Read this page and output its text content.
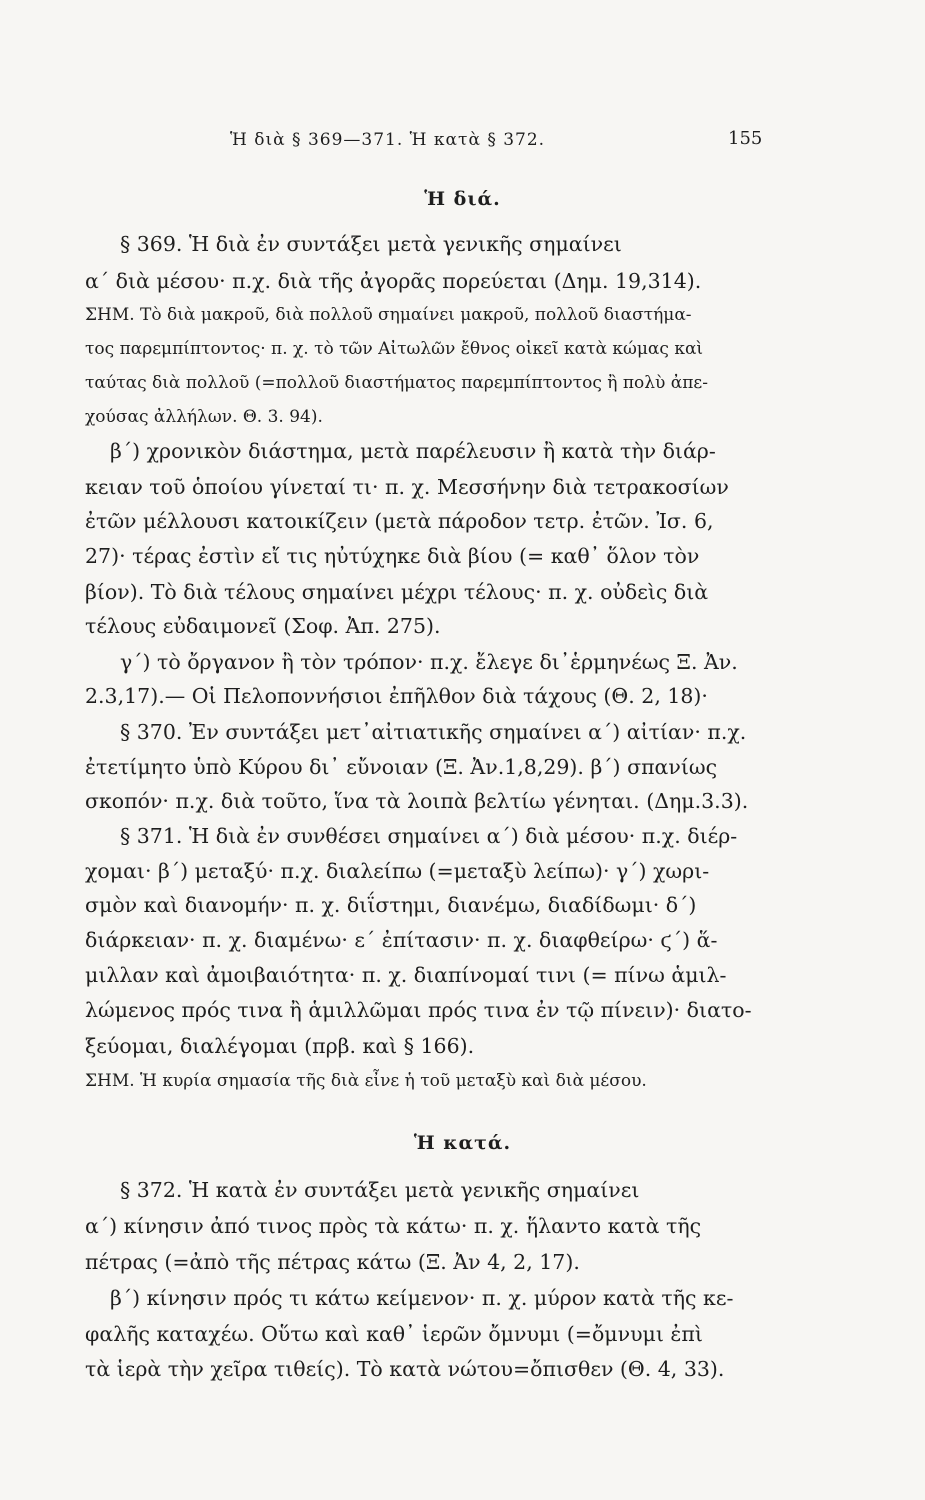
Ἡ διὰ § 369—371. Ἡ κατὰ § 372.	155
Ἡ διά.
§ 369. Ἡ διὰ ἐν συντάξει μετὰ γενικῆς σημαίνει
α΄ διὰ μέσου· π.χ. διὰ τῆς ἀγορᾶς πορεύεται (Δημ. 19,314).
ΣΗΜ. Τὸ διὰ μακροῦ, διὰ πολλοῦ σημαίνει μακροῦ, πολλοῦ διαστήμα-
τος παρεμπίπτοντος· π. χ. τὸ τῶν Αἰτωλῶν ἔθνος οἰκεῖ κατὰ κώμας καὶ
ταύτας διὰ πολλοῦ (=πολλοῦ διαστήματος παρεμπίπτοντος ἢ πολὺ ἀπε-
χούσας ἀλλήλων. Θ. 3. 94).
β΄) χρονικὸν διάστημα, μετὰ παρέλευσιν ἢ κατὰ τὴν διάρ-
κειαν τοῦ ὁποίου γίνεταί τι· π. χ. Μεσσήνην διὰ τετρακοσίων
ἐτῶν μέλλουσι κατοικίζειν (μετὰ πάροδον τετρ. ἐτῶν. Ἰσ. 6,
27)· τέρας ἐστὶν εἴ τις ηὐτύχηκε διὰ βίου (= καθ᾽ ὅλον τὸν
βίον). Τὸ διὰ τέλους σημαίνει μέχρι τέλους· π. χ. οὐδεὶς διὰ
τέλους εὐδαιμονεῖ (Σοφ. Ἀπ. 275).
γ΄) τὸ ὄργανον ἢ τὸν τρόπον· π.χ. ἔλεγε δι᾽ἑρμηνέως Ξ. Ἀν.
2.3,17).— Οἱ Πελοποννήσιοι ἐπῆλθον διὰ τάχους (Θ. 2, 18)·
§ 370. Ἐν συντάξει μετ᾽αἰτιατικῆς σημαίνει α΄) αἰτίαν· π.χ.
ἐτετίμητο ὑπὸ Κύρου δι᾽ εὔνοιαν (Ξ. Ἀν.1,8,29). β΄) σπανίως
σκοπόν· π.χ. διὰ τοῦτο, ἵνα τὰ λοιπὰ βελτίω γένηται. (Δημ.3.3).
§ 371. Ἡ διὰ ἐν συνθέσει σημαίνει α΄) διὰ μέσου· π.χ. διέρ-
χομαι· β΄) μεταξύ· π.χ. διαλείπω (=μεταξὺ λείπω)· γ΄) χωρι-
σμὸν καὶ διανομήν· π. χ. διΐστημι, διανέμω, διαδίδωμι· δ΄)
διάρκειαν· π. χ. διαμένω· ε΄ ἐπίτασιν· π. χ. διαφθείρω· ϛ΄) ἅ-
μιλλαν καὶ ἀμοιβαιότητα· π. χ. διαπίνομαί τινι (= πίνω ἁμιλ-
λώμενος πρός τινα ἢ ἁμιλλῶμαι πρός τινα ἐν τῷ πίνειν)· διατο-
ξεύομαι, διαλέγομαι (πρβ. καὶ § 166).
ΣΗΜ. Ἡ κυρία σημασία τῆς διὰ εἶνε ἡ τοῦ μεταξὺ καὶ διὰ μέσου.
Ἡ κατά.
§ 372. Ἡ κατὰ ἐν συντάξει μετὰ γενικῆς σημαίνει
α΄) κίνησιν ἀπό τινος πρὸς τὰ κάτω· π. χ. ἥλαντο κατὰ τῆς
πέτρας (=ἀπὸ τῆς πέτρας κάτω (Ξ. Ἀν 4, 2, 17).
β΄) κίνησιν πρός τι κάτω κείμενον· π. χ. μύρον κατὰ τῆς κε-
φαλῆς καταχέω. Οὕτω καὶ καθ᾽ ἱερῶν ὄμνυμι (=ὄμνυμι ἐπὶ
τὰ ἱερὰ τὴν χεῖρα τιθείς). Τὸ κατὰ νώτου=ὄπισθεν (Θ. 4, 33).
